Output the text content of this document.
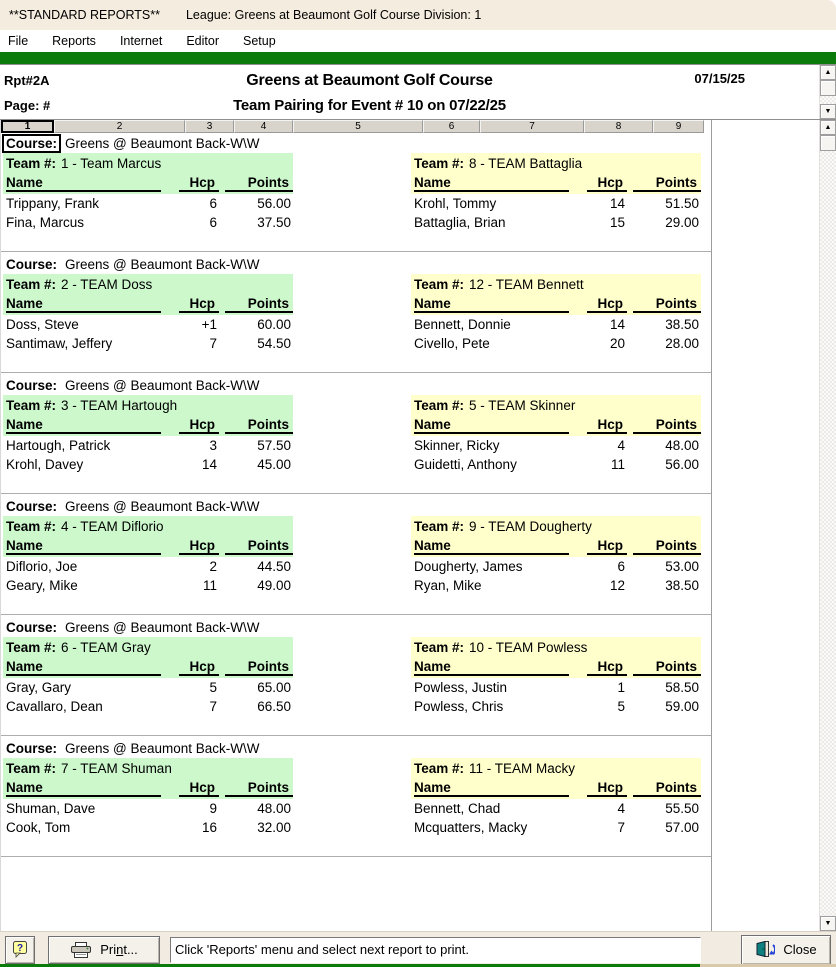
**STANDARD REPORTS** League: Greens at Beaumont Golf Course Division: 1
File	Reports	Internet	Editor	Setup
Rpt#2A
Page: #
Greens at Beaumont Golf Course
Team Pairing for Event # 10 on 07/22/25
07/15/25	▲
▼
1	2	3	4	5	6	7	8	9
Course: Greens @ Beaumont Back-W\W
Team #: 1 - Team Marcus
Name	Hcp	Points
Trippany, Frank	6	56.00
Fina, Marcus	6	37.50
Team #: 8 - TEAM Battaglia
Name	Hcp	Points
Krohl, Tommy	14	51.50
Battaglia, Brian	15	29.00
Course: Greens @ Beaumont Back-W\W
Team #: 2 - TEAM Doss
Name	Hcp	Points
Doss, Steve	+1	60.00
Santimaw, Jeffery	7	54.50
Team #: 12 - TEAM Bennett
Name	Hcp	Points
Bennett, Donnie	14	38.50
Civello, Pete	20	28.00
Course: Greens @ Beaumont Back-W\W
Team #: 3 - TEAM Hartough
Name	Hcp	Points
Hartough, Patrick	3	57.50
Krohl, Davey	14	45.00
Team #: 5 - TEAM Skinner
Name	Hcp	Points
Skinner, Ricky	4	48.00
Guidetti, Anthony	11	56.00
Course: Greens @ Beaumont Back-W\W
Team #: 4 - TEAM Diflorio
Name	Hcp	Points
Diflorio, Joe	2	44.50
Geary, Mike	11	49.00
Team #: 9 - TEAM Dougherty
Name	Hcp	Points
Dougherty, James	6	53.00
Ryan, Mike	12	38.50
Course: Greens @ Beaumont Back-W\W
Team #: 6 - TEAM Gray
Name	Hcp	Points
Gray, Gary	5	65.00
Cavallaro, Dean	7	66.50
Team #: 10 - TEAM Powless
Name	Hcp	Points
Powless, Justin	1	58.50
Powless, Chris	5	59.00
Course: Greens @ Beaumont Back-W\W
Team #: 7 - TEAM Shuman
Name	Hcp	Points
Shuman, Dave	9	48.00
Cook, Tom	16	32.00
Team #: 11 - TEAM Macky
Name	Hcp	Points
Bennett, Chad	4	55.50
Mcquatters, Macky	7	57.00
▲
▼
?	Print...	Click 'Reports' menu and select next report to print.	Close
